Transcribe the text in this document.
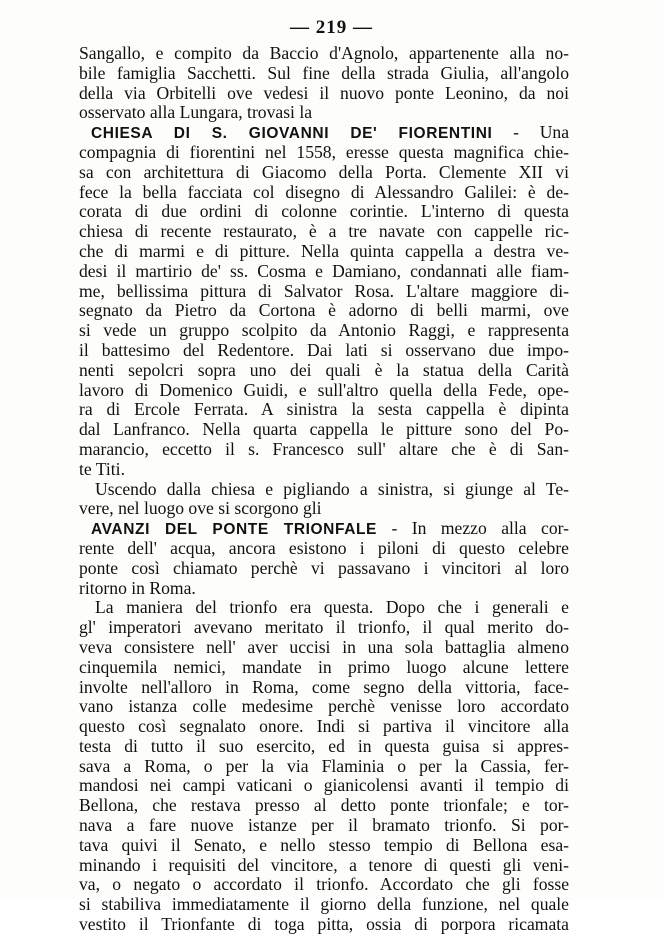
— 219 —
Sangallo, e compito da Baccio d'Agnolo, appartenente alla no-
bile famiglia Sacchetti. Sul fine della strada Giulia, all'angolo
della via Orbitelli ove vedesi il nuovo ponte Leonino, da noi
osservato alla Lungara, trovasi la
CHIESA DI S. GIOVANNI DE' FIORENTINI - Una
compagnia di fiorentini nel 1558, eresse questa magnifica chie-
sa con architettura di Giacomo della Porta. Clemente XII vi
fece la bella facciata col disegno di Alessandro Galilei: è de-
corata di due ordini di colonne corintie. L'interno di questa
chiesa di recente restaurato, è a tre navate con cappelle ric-
che di marmi e di pitture. Nella quinta cappella a destra ve-
desi il martirio de' ss. Cosma e Damiano, condannati alle fiam-
me, bellissima pittura di Salvator Rosa. L'altare maggiore di-
segnato da Pietro da Cortona è adorno di belli marmi, ove
si vede un gruppo scolpito da Antonio Raggi, e rappresenta
il battesimo del Redentore. Dai lati si osservano due impo-
nenti sepolcri sopra uno dei quali è la statua della Carità
lavoro di Domenico Guidi, e sull'altro quella della Fede, ope-
ra di Ercole Ferrata. A sinistra la sesta cappella è dipinta
dal Lanfranco. Nella quarta cappella le pitture sono del Po-
marancio, eccetto il s. Francesco sull' altare che è di San-
te Titi.
Uscendo dalla chiesa e pigliando a sinistra, si giunge al Te-
vere, nel luogo ove si scorgono gli
AVANZI DEL PONTE TRIONFALE - In mezzo alla cor-
rente dell' acqua, ancora esistono i piloni di questo celebre
ponte così chiamato perchè vi passavano i vincitori al loro
ritorno in Roma.
La maniera del trionfo era questa. Dopo che i generali e
gl' imperatori avevano meritato il trionfo, il qual merito do-
veva consistere nell' aver uccisi in una sola battaglia almeno
cinquemila nemici, mandate in primo luogo alcune lettere
involte nell'alloro in Roma, come segno della vittoria, face-
vano istanza colle medesime perchè venisse loro accordato
questo così segnalato onore. Indi si partiva il vincitore alla
testa di tutto il suo esercito, ed in questa guisa si appres-
sava a Roma, o per la via Flaminia o per la Cassia, fer-
mandosi nei campi vaticani o gianicolensi avanti il tempio di
Bellona, che restava presso al detto ponte trionfale; e tor-
nava a fare nuove istanze per il bramato trionfo. Si por-
tava quivi il Senato, e nello stesso tempio di Bellona esa-
minando i requisiti del vincitore, a tenore di questi gli veni-
va, o negato o accordato il trionfo. Accordato che gli fosse
si stabiliva immediatamente il giorno della funzione, nel quale
vestito il Trionfante di toga pitta, ossia di porpora ricamata
